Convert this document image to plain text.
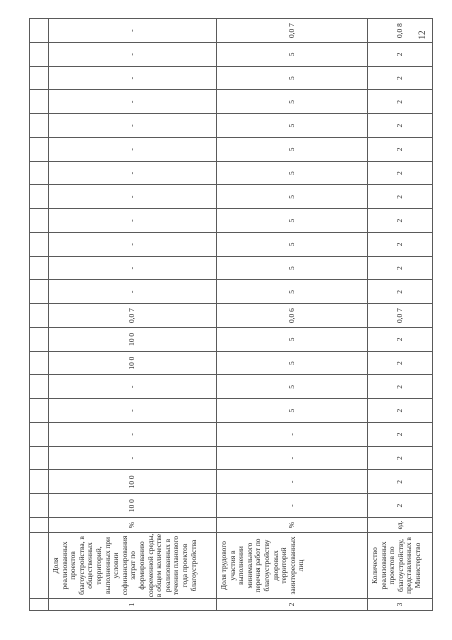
1	Доля реализованных проектов благоустройства, в общественных территорий, выполненных при условии софинансирования затрат по формированию современной среды, в общем количестве реализованных в течении планового года проектов благоустройства	%	10 0	10 0	-	-	-	-	10 0	10 0	0,0 7	-	-	-	-	-	-	-	-	-	-	-	-
2	Доля трудового участия в выполнении минимального перечня работ по благоустройству дворовых территорий заинтересованных лиц	%	-	-	-	-	5	5	5	5	0,0 6	5	5	5	5	5	5	5	5	5	5	5	0,0 7
3	Количество реализованных проектов по благоустройству, представленных в Министерство	ед.	2	2	2	2	2	2	2	2	0,0 7	2	2	2	2	2	2	2	2	2	2	2	0,0 8 12
